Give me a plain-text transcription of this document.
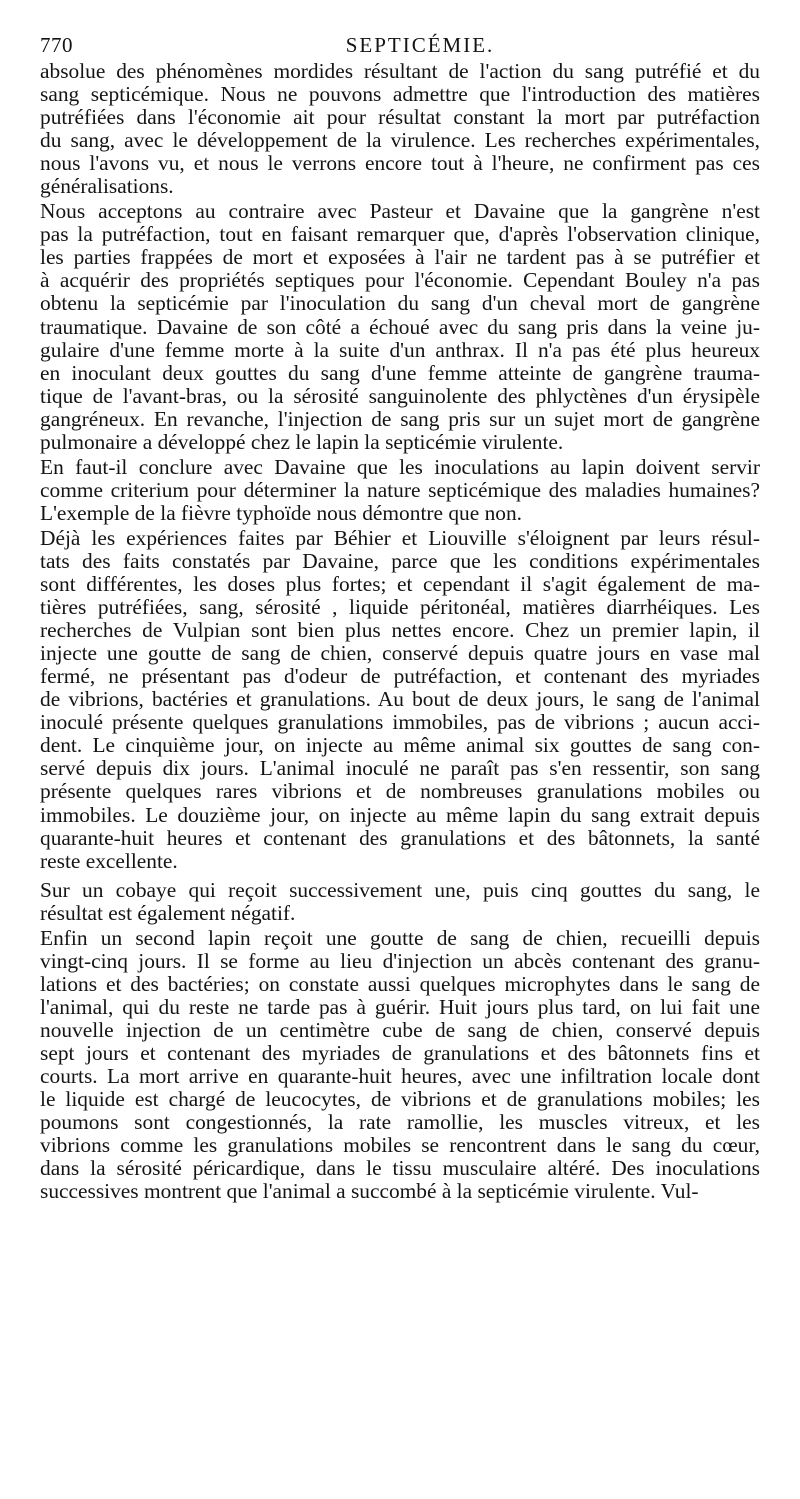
770	SEPTICÉMIE.
absolue des phénomènes mordides résultant de l'action du sang putréfié et du
sang septicémique. Nous ne pouvons admettre que l'introduction des matières
putréfiées dans l'économie ait pour résultat constant la mort par putréfaction
du sang, avec le développement de la virulence. Les recherches expérimentales,
nous l'avons vu, et nous le verrons encore tout à l'heure, ne confirment pas ces
généralisations.
Nous acceptons au contraire avec Pasteur et Davaine que la gangrène n'est
pas la putréfaction, tout en faisant remarquer que, d'après l'observation clinique,
les parties frappées de mort et exposées à l'air ne tardent pas à se putréfier et
à acquérir des propriétés septiques pour l'économie. Cependant Bouley n'a pas
obtenu la septicémie par l'inoculation du sang d'un cheval mort de gangrène
traumatique. Davaine de son côté a échoué avec du sang pris dans la veine ju-
gulaire d'une femme morte à la suite d'un anthrax. Il n'a pas été plus heureux
en inoculant deux gouttes du sang d'une femme atteinte de gangrène trauma-
tique de l'avant-bras, ou la sérosité sanguinolente des phlyctènes d'un érysipèle
gangréneux. En revanche, l'injection de sang pris sur un sujet mort de gangrène
pulmonaire a développé chez le lapin la septicémie virulente.
En faut-il conclure avec Davaine que les inoculations au lapin doivent servir
comme criterium pour déterminer la nature septicémique des maladies humaines?
L'exemple de la fièvre typhoïde nous démontre que non.
Déjà les expériences faites par Béhier et Liouville s'éloignent par leurs résul-
tats des faits constatés par Davaine, parce que les conditions expérimentales
sont différentes, les doses plus fortes; et cependant il s'agit également de ma-
tières putréfiées, sang, sérosité , liquide péritonéal, matières diarrhéiques. Les
recherches de Vulpian sont bien plus nettes encore. Chez un premier lapin, il
injecte une goutte de sang de chien, conservé depuis quatre jours en vase mal
fermé, ne présentant pas d'odeur de putréfaction, et contenant des myriades
de vibrions, bactéries et granulations. Au bout de deux jours, le sang de l'animal
inoculé présente quelques granulations immobiles, pas de vibrions ; aucun acci-
dent. Le cinquième jour, on injecte au même animal six gouttes de sang con-
servé depuis dix jours. L'animal inoculé ne paraît pas s'en ressentir, son sang
présente quelques rares vibrions et de nombreuses granulations mobiles ou
immobiles. Le douzième jour, on injecte au même lapin du sang extrait depuis
quarante-huit heures et contenant des granulations et des bâtonnets, la santé
reste excellente.
Sur un cobaye qui reçoit successivement une, puis cinq gouttes du sang, le
résultat est également négatif.
Enfin un second lapin reçoit une goutte de sang de chien, recueilli depuis
vingt-cinq jours. Il se forme au lieu d'injection un abcès contenant des granu-
lations et des bactéries; on constate aussi quelques microphytes dans le sang de
l'animal, qui du reste ne tarde pas à guérir. Huit jours plus tard, on lui fait une
nouvelle injection de un centimètre cube de sang de chien, conservé depuis
sept jours et contenant des myriades de granulations et des bâtonnets fins et
courts. La mort arrive en quarante-huit heures, avec une infiltration locale dont
le liquide est chargé de leucocytes, de vibrions et de granulations mobiles; les
poumons sont congestionnés, la rate ramollie, les muscles vitreux, et les
vibrions comme les granulations mobiles se rencontrent dans le sang du cœur,
dans la sérosité péricardique, dans le tissu musculaire altéré. Des inoculations
successives montrent que l'animal a succombé à la septicémie virulente. Vul-
